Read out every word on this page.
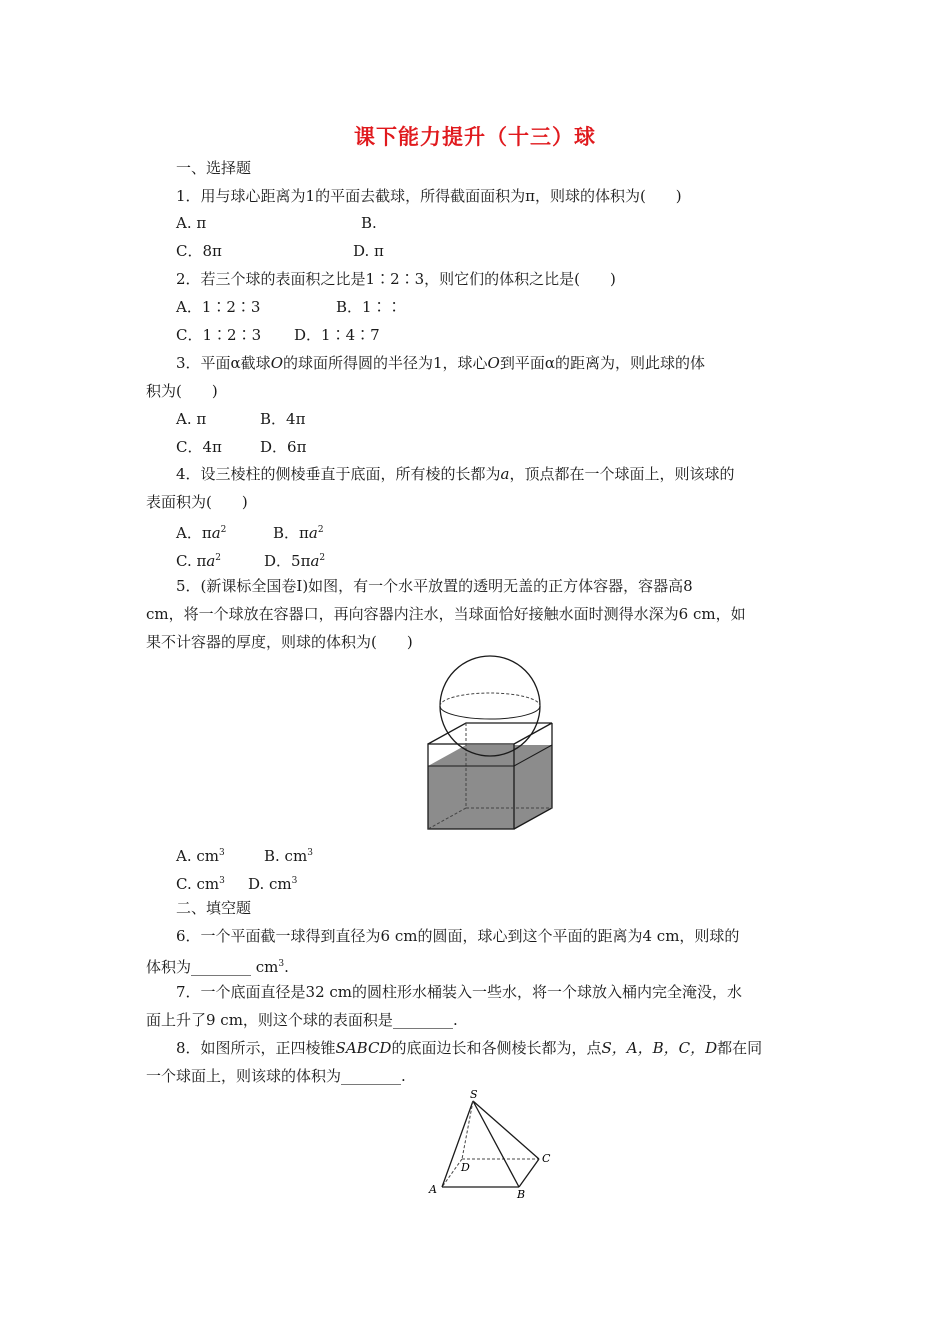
课下能力提升（十三）球
一、选择题
1．用与球心距离为1的平面去截球，所得截面面积为π，则球的体积为(　　)
A. π	B.
C．8π	D. π
2．若三个球的表面积之比是1∶2∶3，则它们的体积之比是(　　)
A．1∶2∶3	B．1∶∶
C．1∶2∶3 D．1∶4∶7
3．平面α截球O的球面所得圆的半径为1，球心O到平面α的距离为，则此球的体
积为(　　)
A. π	B．4π
C．4π	D．6π
4．设三棱柱的侧棱垂直于底面，所有棱的长都为a，顶点都在一个球面上，则该球的
表面积为(　　)
A．$\pi a^2$	B．$\pi a^2$
C. $\pi a^2$	D．$5\pi a^2$
5．(新课标全国卷Ⅰ)如图，有一个水平放置的透明无盖的正方体容器，容器高8
cm，将一个球放在容器口，再向容器内注水，当球面恰好接触水面时测得水深为6 cm，如
果不计容器的厚度，则球的体积为(　　)
A. $cm^3$	B. $cm^3$
C. $cm^3$ D. $cm^3$
二、填空题
6．一个平面截一球得到直径为6 cm的圆面，球心到这个平面的距离为4 cm，则球的
体积为________ $cm^3$.
7．一个底面直径是32 cm的圆柱形水桶装入一些水，将一个球放入桶内完全淹没，水
面上升了9 cm，则这个球的表面积是________.
8．如图所示，正四棱锥SABCD的底面边长和各侧棱长都为，点S，A，B，C，D都在同
一个球面上，则该球的体积为________.
S
A	B
C
D
